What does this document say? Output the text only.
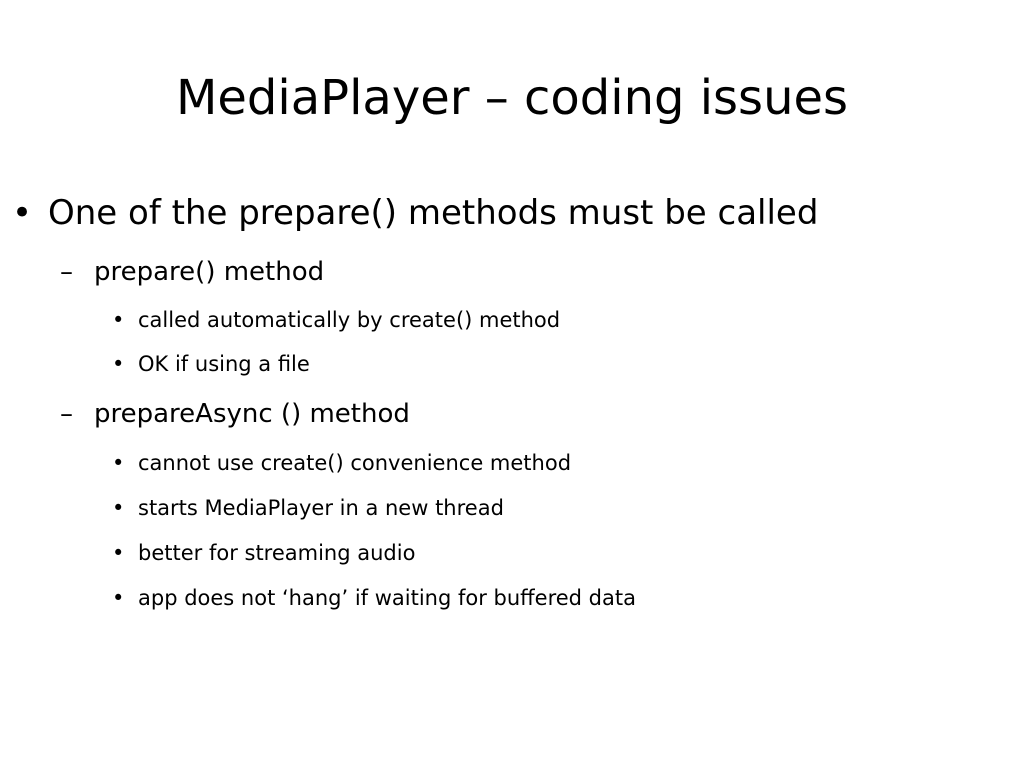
MediaPlayer – coding issues
• One of the prepare() methods must be called
– prepare() method
• called automatically by create() method
• OK if using a file
– prepareAsync () method
• cannot use create() convenience method
• starts MediaPlayer in a new thread
• better for streaming audio
• app does not ‘hang’ if waiting for buffered data
